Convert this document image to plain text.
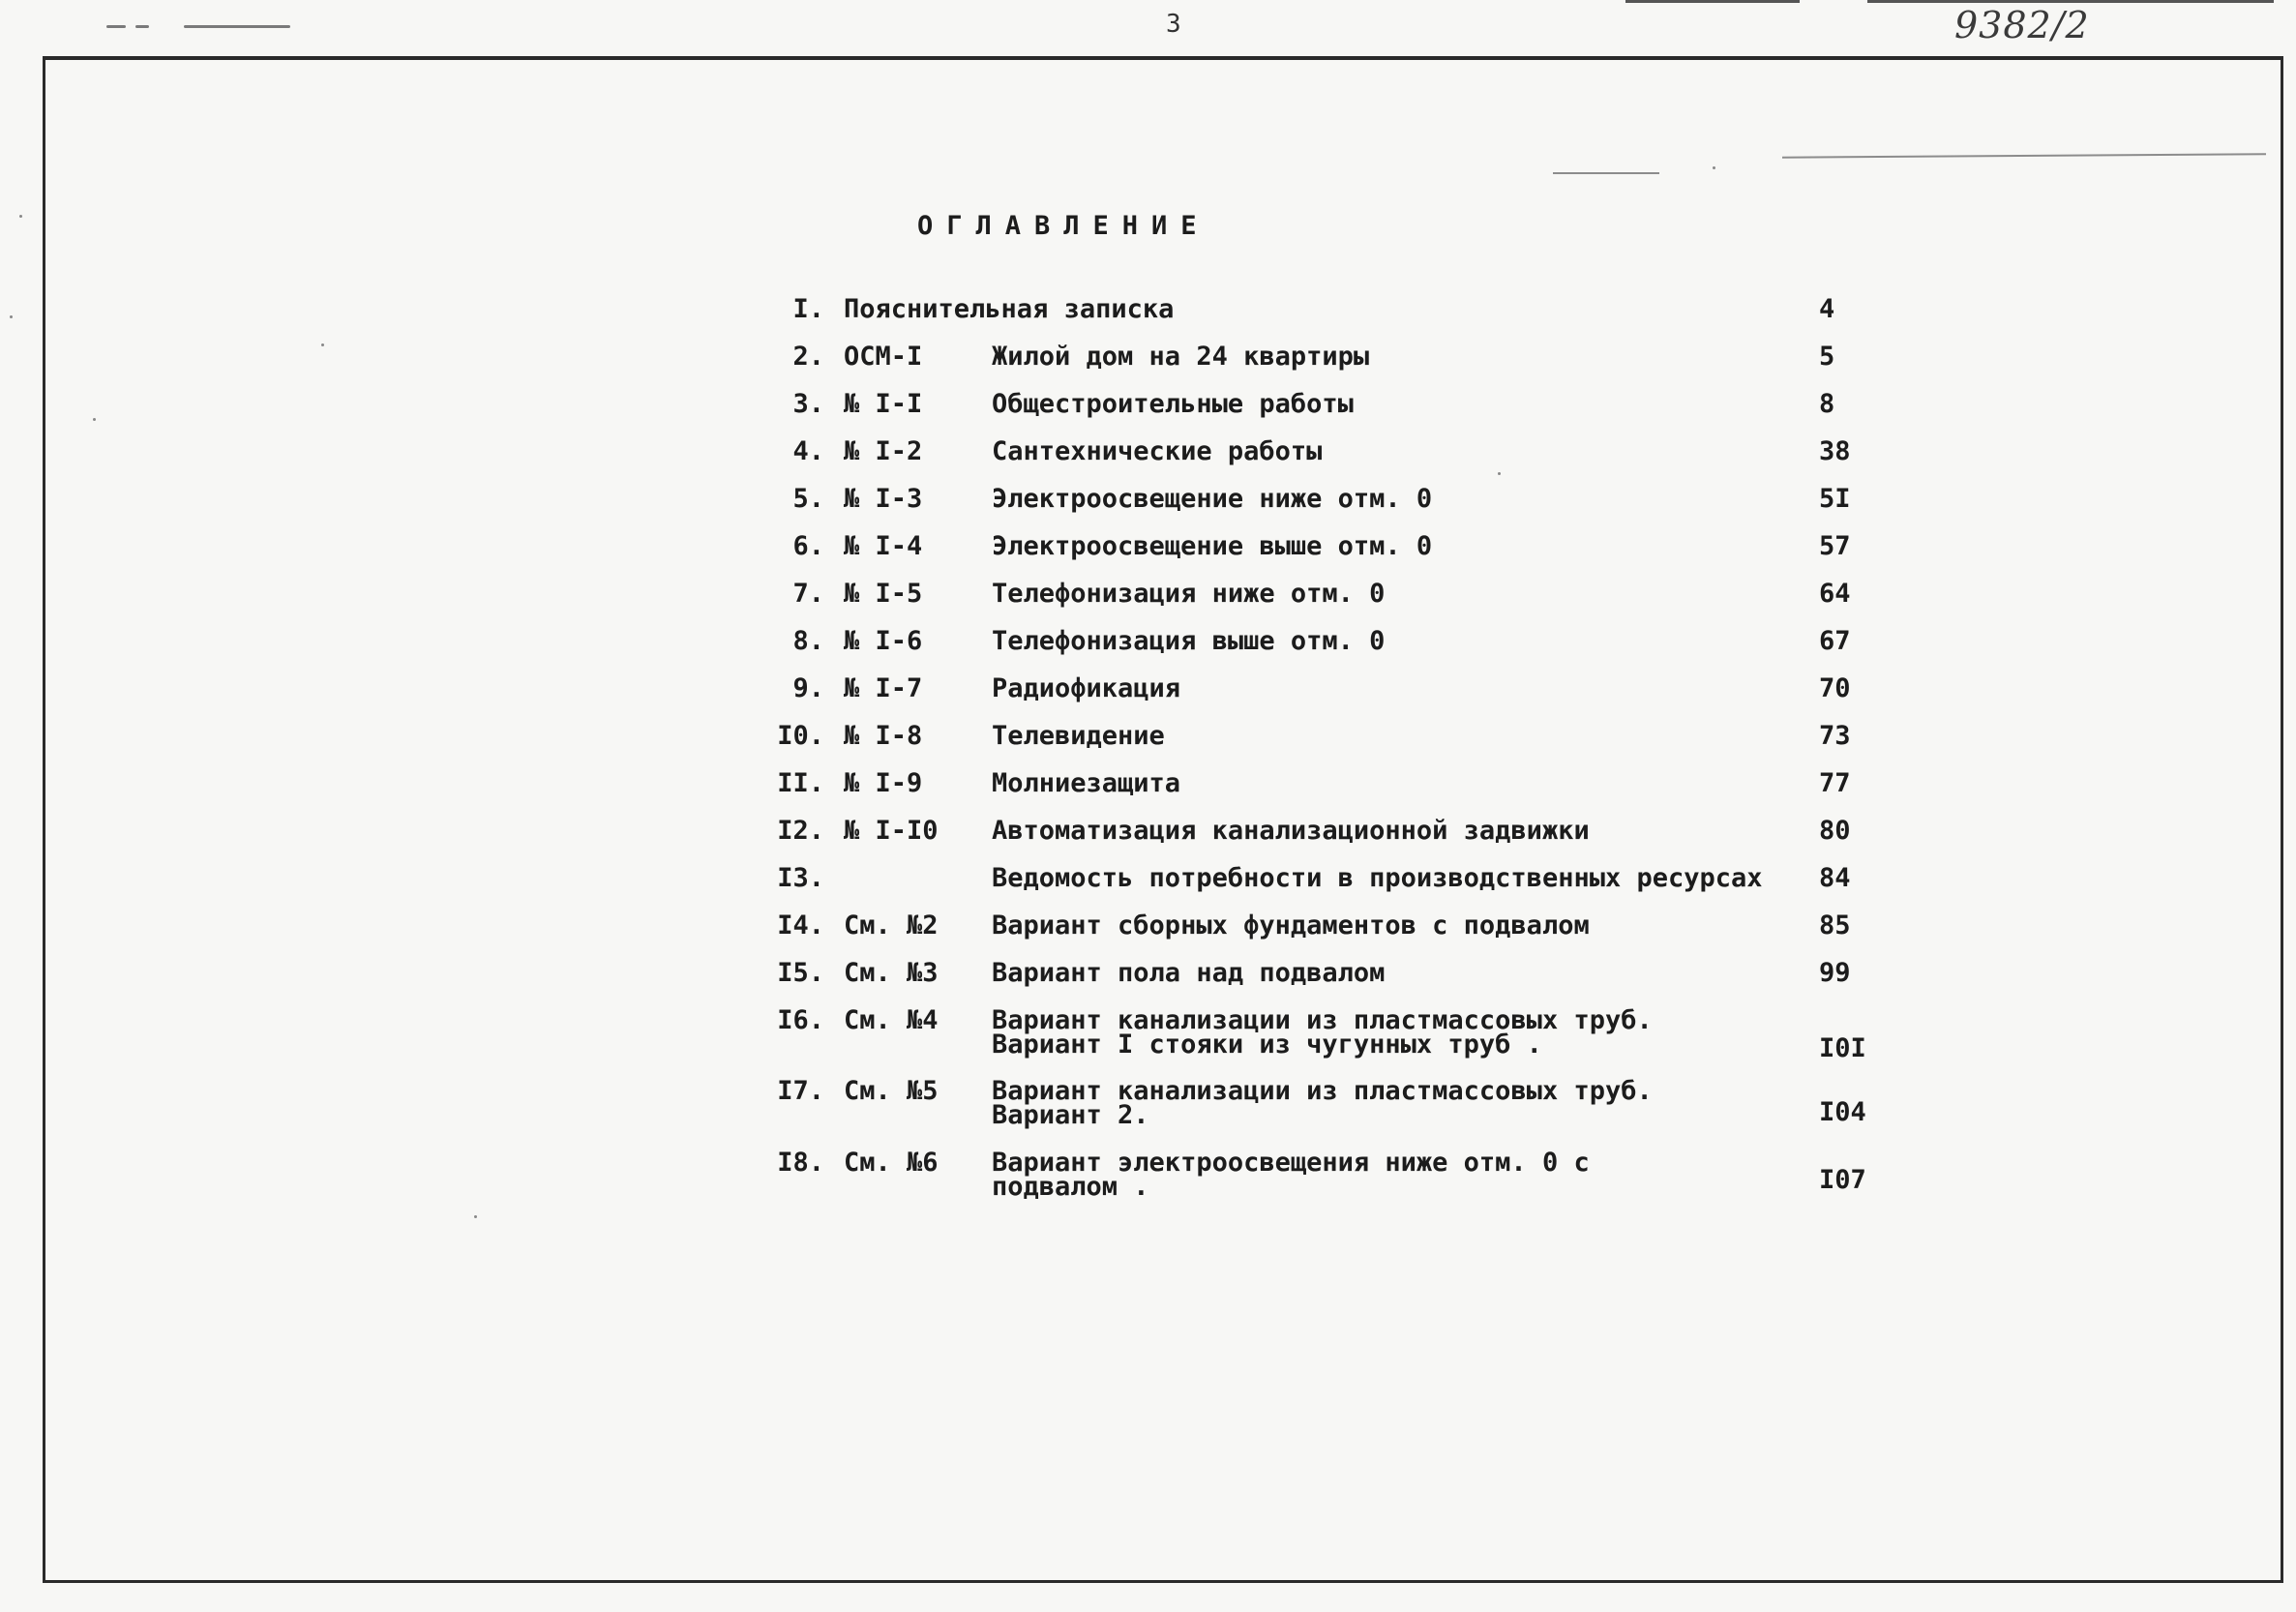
3	9382/2
ОГЛАВЛЕНИЕ
I. Пояснительная записка	4
2. ОСМ-I	Жилой дом на 24 квартиры	5
3. № I-I	Общестроительные работы	8
4. № I-2	Сантехнические работы	38
5. № I-3	Электроосвещение ниже отм. 0	5I
6. № I-4	Электроосвещение выше отм. 0	57
7. № I-5	Телефонизация ниже отм. 0	64
8. № I-6	Телефонизация выше отм. 0	67
9. № I-7	Радиофикация	70
I0. № I-8	Телевидение	73
II. № I-9	Молниезащита	77
I2. № I-I0 Автоматизация канализационной задвижки	80
I3.	Ведомость потребности в производственных ресурсах	84
I4. См. №2 Вариант сборных фундаментов с подвалом	85
I5. См. №3 Вариант пола над подвалом	99
I6. См. №4 Вариант канализации из пластмассовых труб.
Вариант I стояки из чугунных труб .	I0I
I7. См. №5 Вариант канализации из пластмассовых труб.
Вариант 2.	I04
I8. См. №6 Вариант электроосвещения ниже отм. 0 с
подвалом .	I07
